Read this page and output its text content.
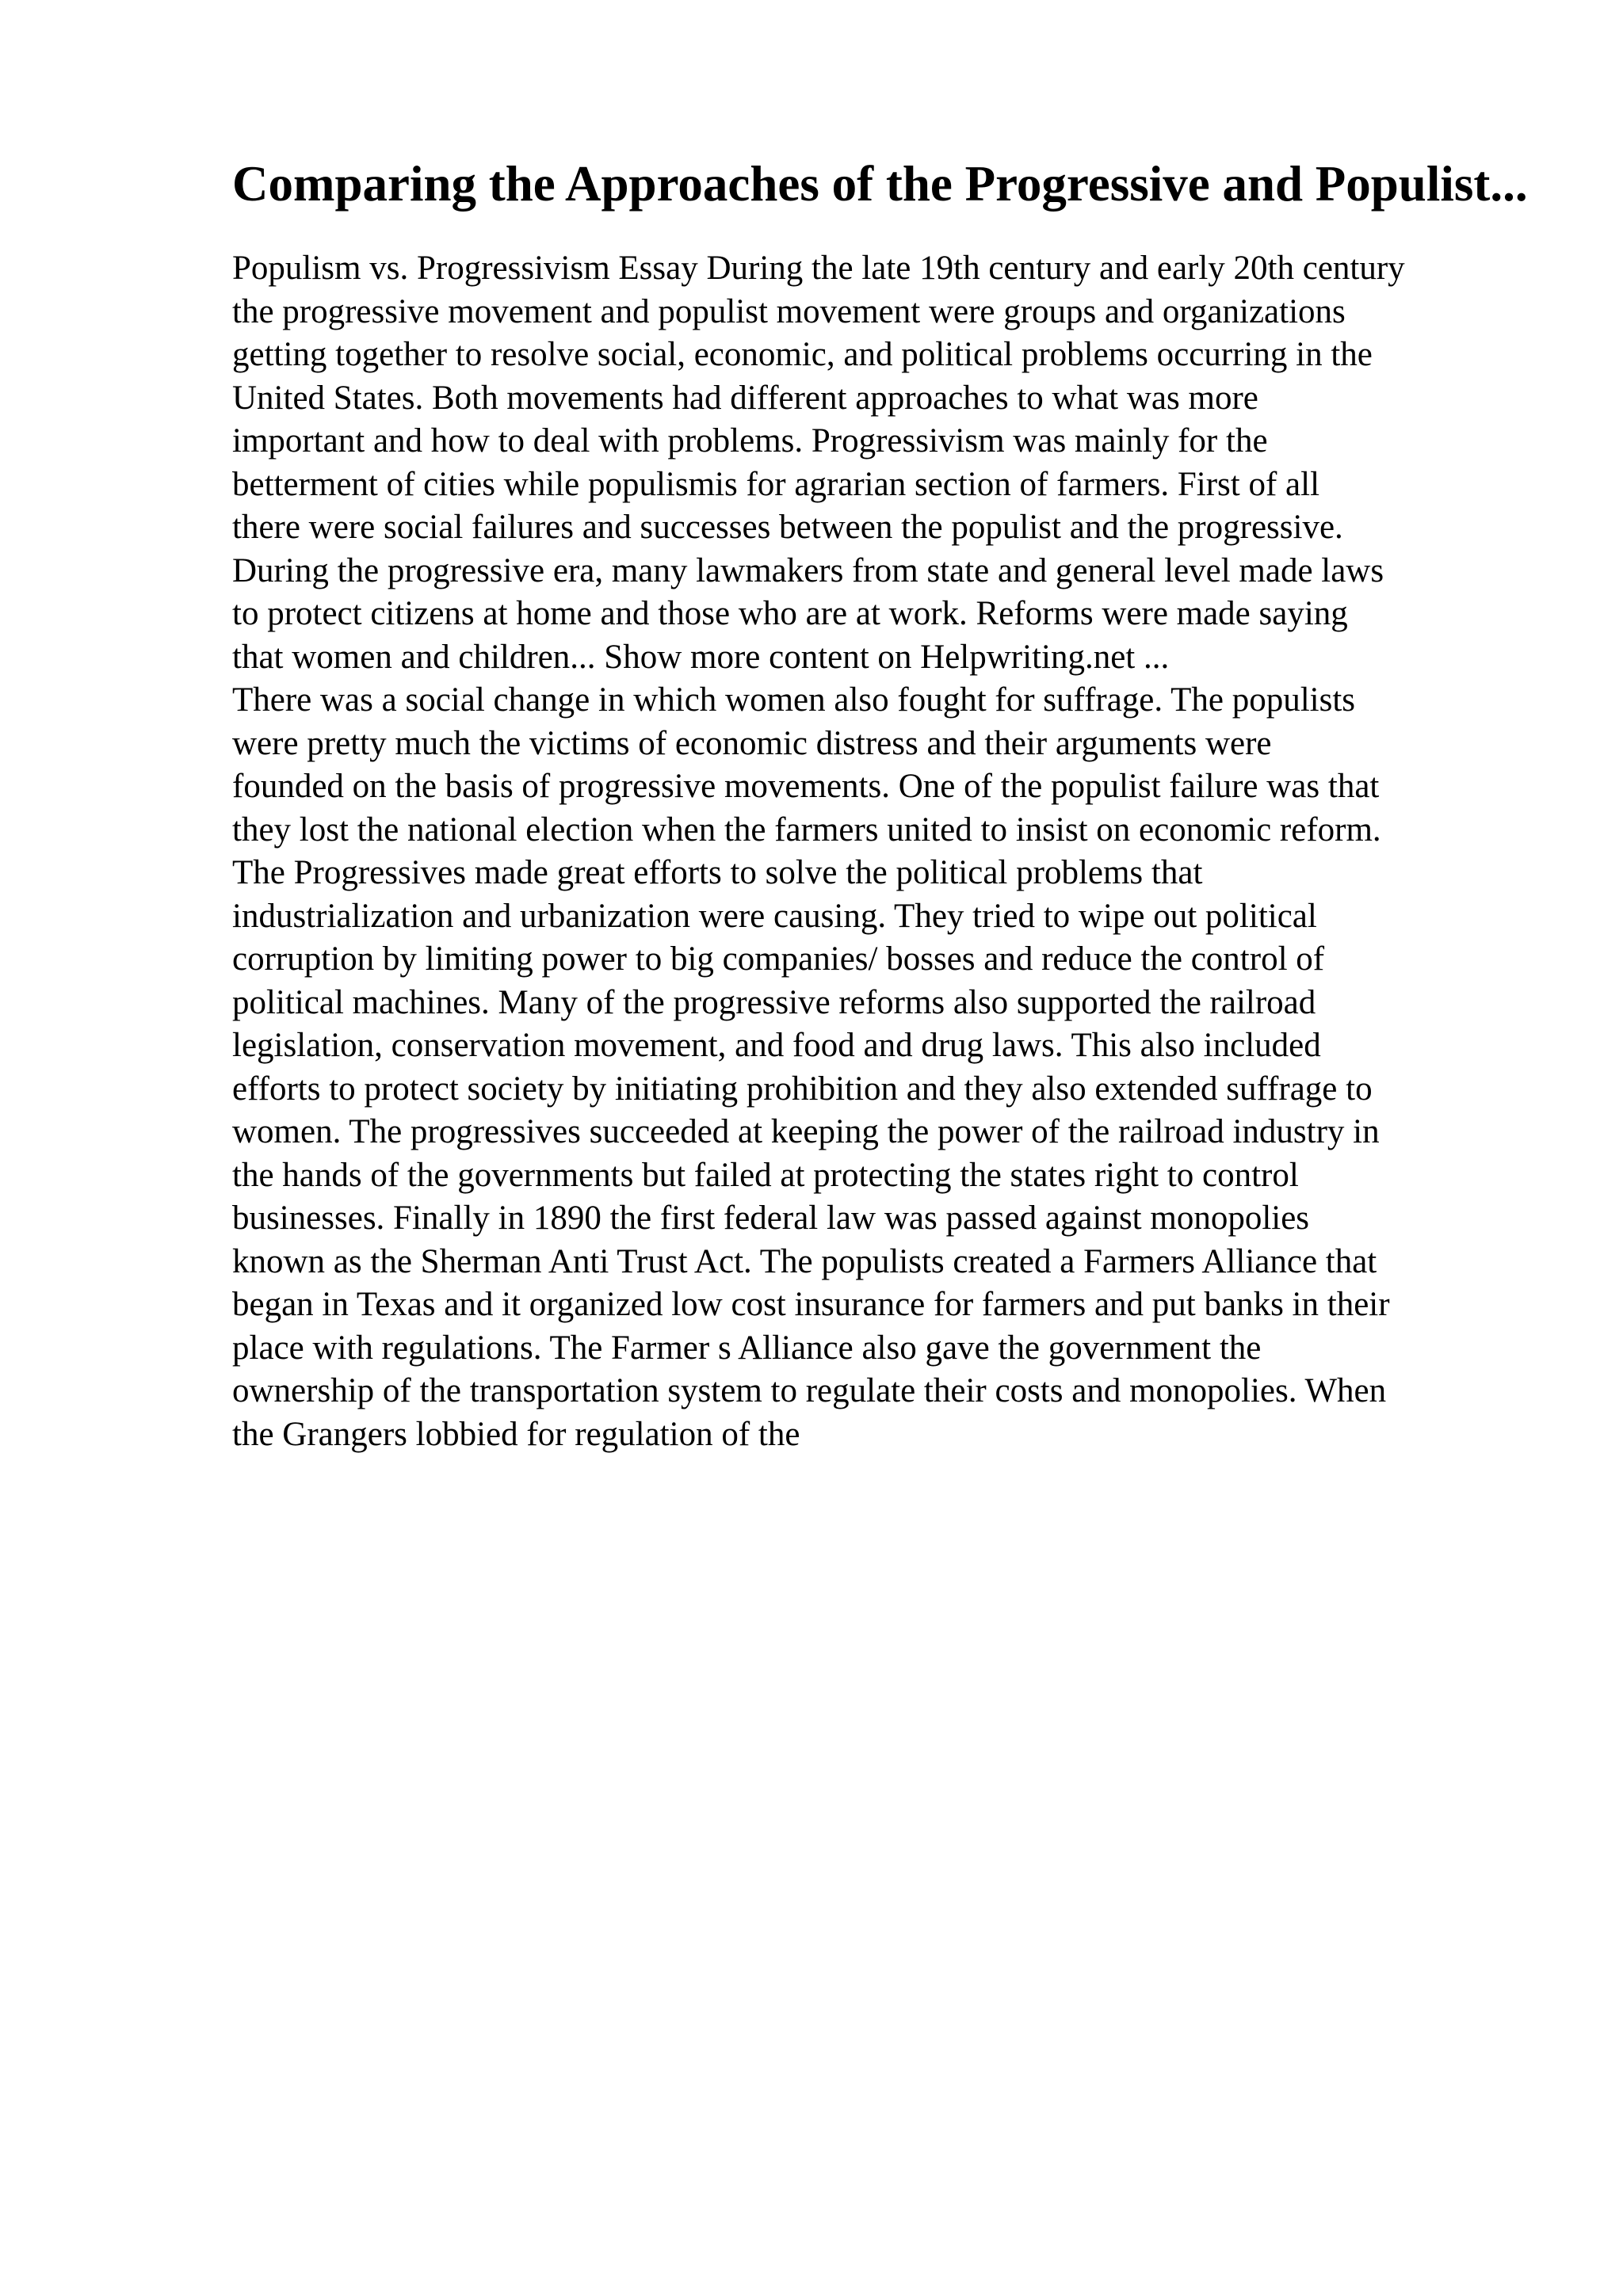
Comparing the Approaches of the Progressive and Populist...
Populism vs. Progressivism Essay During the late 19th century and early 20th century
the progressive movement and populist movement were groups and organizations
getting together to resolve social, economic, and political problems occurring in the
United States. Both movements had different approaches to what was more
important and how to deal with problems. Progressivism was mainly for the
betterment of cities while populismis for agrarian section of farmers. First of all
there were social failures and successes between the populist and the progressive.
During the progressive era, many lawmakers from state and general level made laws
to protect citizens at home and those who are at work. Reforms were made saying
that women and children... Show more content on Helpwriting.net ...
There was a social change in which women also fought for suffrage. The populists
were pretty much the victims of economic distress and their arguments were
founded on the basis of progressive movements. One of the populist failure was that
they lost the national election when the farmers united to insist on economic reform.
The Progressives made great efforts to solve the political problems that
industrialization and urbanization were causing. They tried to wipe out political
corruption by limiting power to big companies/ bosses and reduce the control of
political machines. Many of the progressive reforms also supported the railroad
legislation, conservation movement, and food and drug laws. This also included
efforts to protect society by initiating prohibition and they also extended suffrage to
women. The progressives succeeded at keeping the power of the railroad industry in
the hands of the governments but failed at protecting the states right to control
businesses. Finally in 1890 the first federal law was passed against monopolies
known as the Sherman Anti Trust Act. The populists created a Farmers Alliance that
began in Texas and it organized low cost insurance for farmers and put banks in their
place with regulations. The Farmer s Alliance also gave the government the
ownership of the transportation system to regulate their costs and monopolies. When
the Grangers lobbied for regulation of the
